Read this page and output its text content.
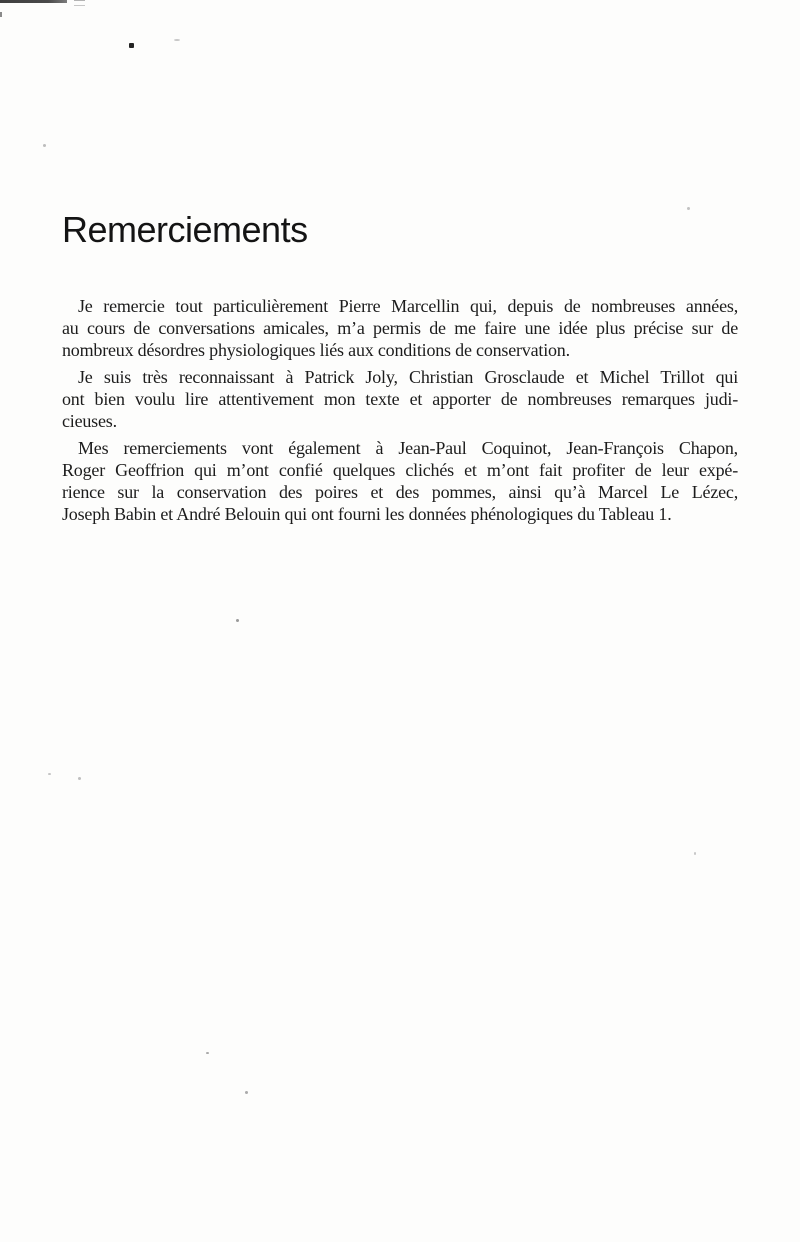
Remerciements

Je remercie tout particulièrement Pierre Marcellin qui, depuis de nombreuses années,
au cours de conversations amicales, m’a permis de me faire une idée plus précise sur de
nombreux désordres physiologiques liés aux conditions de conservation.

Je suis très reconnaissant à Patrick Joly, Christian Grosclaude et Michel Trillot qui
ont bien voulu lire attentivement mon texte et apporter de nombreuses remarques judi-
cieuses.

Mes remerciements vont également à Jean-Paul Coquinot, Jean-François Chapon,
Roger Geoffrion qui m’ont confié quelques clichés et m’ont fait profiter de leur expé-
rience sur la conservation des poires et des pommes, ainsi qu’à Marcel Le Lézec,
Joseph Babin et André Belouin qui ont fourni les données phénologiques du Tableau 1.
